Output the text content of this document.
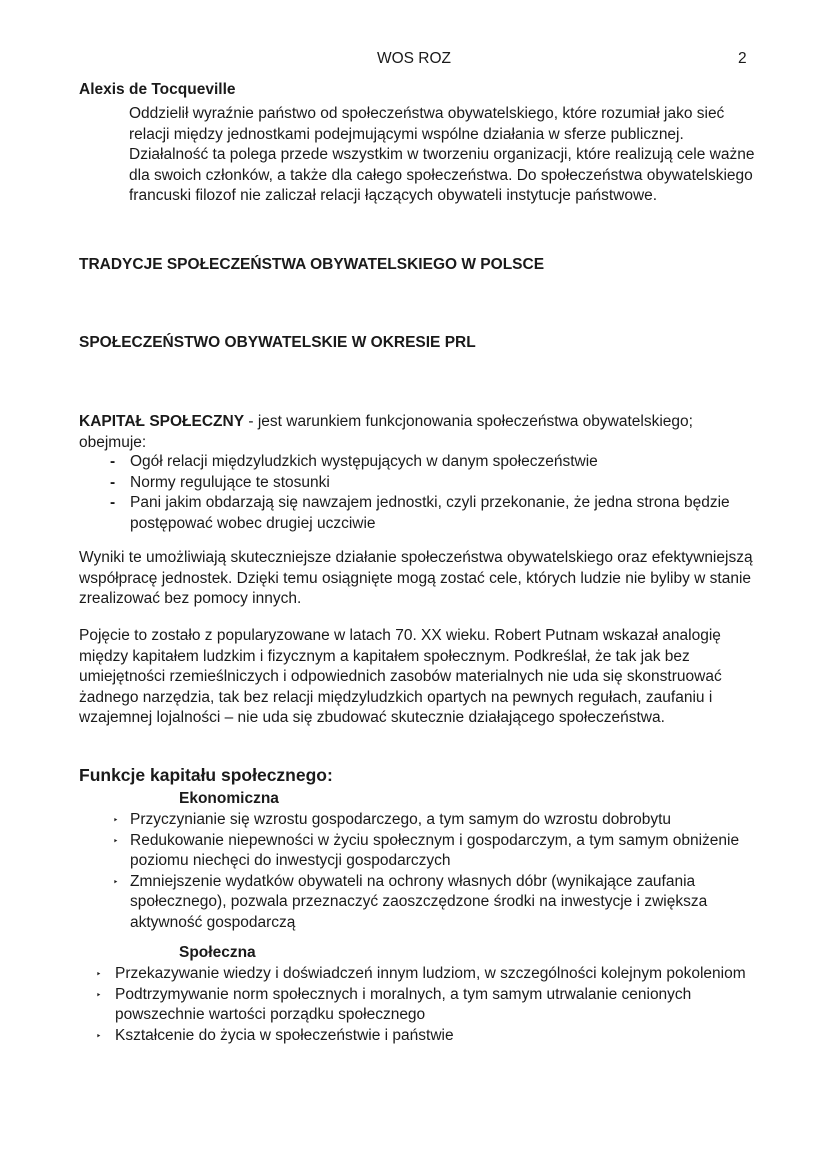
WOS ROZ	2

Alexis de Tocqueville

Oddzielił wyraźnie państwo od społeczeństwa obywatelskiego, które rozumiał jako sieć relacji między jednostkami podejmującymi wspólne działania w sferze publicznej. Działalność ta polega przede wszystkim w tworzeniu organizacji, które realizują cele ważne dla swoich członków, a także dla całego społeczeństwa. Do społeczeństwa obywatelskiego francuski filozof nie zaliczał relacji łączących obywateli instytucje państwowe.

TRADYCJE SPOŁECZEŃSTWA OBYWATELSKIEGO W POLSCE

SPOŁECZEŃSTWO OBYWATELSKIE W OKRESIE PRL

KAPITAŁ SPOŁECZNY - jest warunkiem funkcjonowania społeczeństwa obywatelskiego; obejmuje:

- Ogół relacji międzyludzkich występujących w danym społeczeństwie
- Normy regulujące te stosunki
- Pani jakim obdarzają się nawzajem jednostki, czyli przekonanie, że jedna strona będzie postępować wobec drugiej uczciwie

Wyniki te umożliwiają skuteczniejsze działanie społeczeństwa obywatelskiego oraz efektywniejszą współpracę jednostek. Dzięki temu osiągnięte mogą zostać cele, których ludzie nie byliby w stanie zrealizować bez pomocy innych.

Pojęcie to zostało z popularyzowane w latach 70. XX wieku. Robert Putnam wskazał analogię między kapitałem ludzkim i fizycznym a kapitałem społecznym. Podkreślał, że tak jak bez umiejętności rzemieślniczych i odpowiednich zasobów materialnych nie uda się skonstruować żadnego narzędzia, tak bez relacji międzyludzkich opartych na pewnych regułach, zaufaniu i wzajemnej lojalności – nie uda się zbudować skutecznie działającego społeczeństwa.

Funkcje kapitału społecznego:
Ekonomiczna
‣ Przyczynianie się wzrostu gospodarczego, a tym samym do wzrostu dobrobytu
‣ Redukowanie niepewności w życiu społecznym i gospodarczym, a tym samym obniżenie poziomu niechęci do inwestycji gospodarczych
‣ Zmniejszenie wydatków obywateli na ochrony własnych dóbr (wynikające zaufania społecznego), pozwala przeznaczyć zaoszczędzone środki na inwestycje i zwiększa aktywność gospodarczą
Społeczna
‣ Przekazywanie wiedzy i doświadczeń innym ludziom, w szczególności kolejnym pokoleniom
‣ Podtrzymywanie norm społecznych i moralnych, a tym samym utrwalanie cenionych powszechnie wartości porządku społecznego
‣ Kształcenie do życia w społeczeństwie i państwie
